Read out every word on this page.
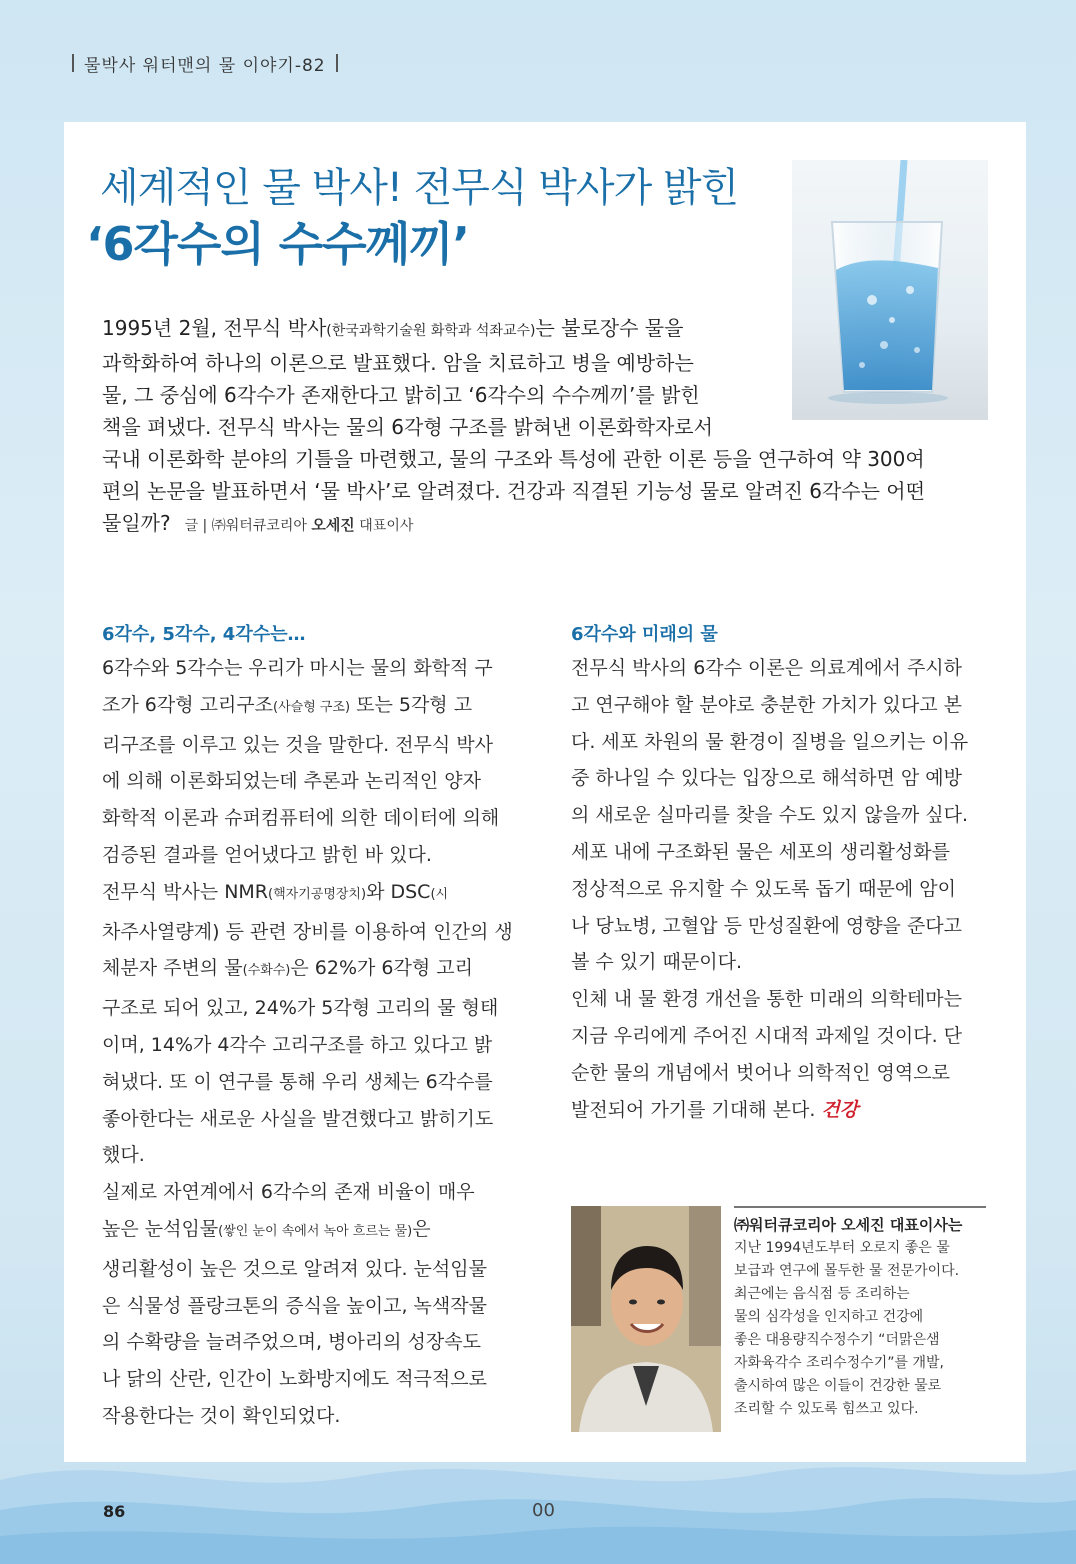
물박사 워터맨의 물 이야기-82
세계적인 물 박사! 전무식 박사가 밝힌
‘6각수의 수수께끼’
1995년 2월, 전무식 박사(한국과학기술원 화학과 석좌교수)는 불로장수 물을
과학화하여 하나의 이론으로 발표했다. 암을 치료하고 병을 예방하는
물, 그 중심에 6각수가 존재한다고 밝히고 ‘6각수의 수수께끼’를 밝힌
책을 펴냈다. 전무식 박사는 물의 6각형 구조를 밝혀낸 이론화학자로서
국내 이론화학 분야의 기틀을 마련했고, 물의 구조와 특성에 관한 이론 등을 연구하여 약 300여
편의 논문을 발표하면서 ‘물 박사’로 알려졌다. 건강과 직결된 기능성 물로 알려진 6각수는 어떤
물일까? 글 | ㈜워터큐코리아 오세진 대표이사
6각수, 5각수, 4각수는…
6각수와 5각수는 우리가 마시는 물의 화학적 구
조가 6각형 고리구조(사슬형 구조) 또는 5각형 고
리구조를 이루고 있는 것을 말한다. 전무식 박사
에 의해 이론화되었는데 추론과 논리적인 양자
화학적 이론과 슈퍼컴퓨터에 의한 데이터에 의해
검증된 결과를 얻어냈다고 밝힌 바 있다.
전무식 박사는 NMR(핵자기공명장치)와 DSC(시
차주사열량계) 등 관련 장비를 이용하여 인간의 생
체분자 주변의 물(수화수)은 62%가 6각형 고리
구조로 되어 있고, 24%가 5각형 고리의 물 형태
이며, 14%가 4각수 고리구조를 하고 있다고 밝
혀냈다. 또 이 연구를 통해 우리 생체는 6각수를
좋아한다는 새로운 사실을 발견했다고 밝히기도
했다.
실제로 자연계에서 6각수의 존재 비율이 매우
높은 눈석임물(쌓인 눈이 속에서 녹아 흐르는 물)은
생리활성이 높은 것으로 알려져 있다. 눈석임물
은 식물성 플랑크톤의 증식을 높이고, 녹색작물
의 수확량을 늘려주었으며, 병아리의 성장속도
나 닭의 산란, 인간이 노화방지에도 적극적으로
작용한다는 것이 확인되었다.
6각수와 미래의 물
전무식 박사의 6각수 이론은 의료계에서 주시하
고 연구해야 할 분야로 충분한 가치가 있다고 본
다. 세포 차원의 물 환경이 질병을 일으키는 이유
중 하나일 수 있다는 입장으로 해석하면 암 예방
의 새로운 실마리를 찾을 수도 있지 않을까 싶다.
세포 내에 구조화된 물은 세포의 생리활성화를
정상적으로 유지할 수 있도록 돕기 때문에 암이
나 당뇨병, 고혈압 등 만성질환에 영향을 준다고
볼 수 있기 때문이다.
인체 내 물 환경 개선을 통한 미래의 의학테마는
지금 우리에게 주어진 시대적 과제일 것이다. 단
순한 물의 개념에서 벗어나 의학적인 영역으로
발전되어 가기를 기대해 본다. 건강
㈜워터큐코리아 오세진 대표이사는
지난 1994년도부터 오로지 좋은 물
보급과 연구에 몰두한 물 전문가이다.
최근에는 음식점 등 조리하는
물의 심각성을 인지하고 건강에
좋은 대용량직수정수기 “더맑은샘
자화육각수 조리수정수기”를 개발,
출시하여 많은 이들이 건강한 물로
조리할 수 있도록 힘쓰고 있다.
86	00
